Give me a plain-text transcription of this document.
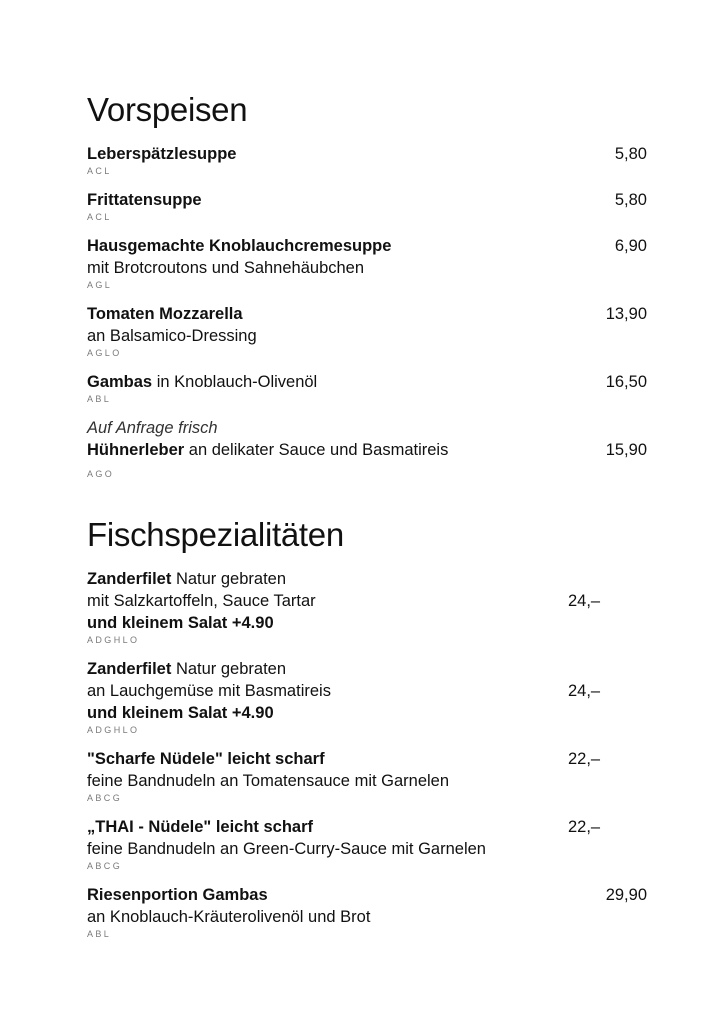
Vorspeisen
Leberspätzlesuppe
ACL
5,80
Frittatensuppe
ACL
5,80
Hausgemachte Knoblauchcremesuppe
mit Brotcroutons und Sahnehäubchen
AGL
6,90
Tomaten Mozzarella
an Balsamico-Dressing
AGLO
13,90
Gambas in Knoblauch-Olivenöl
ABL
16,50
Auf Anfrage frisch
Hühnerleber an delikater Sauce und Basmatireis
AGO
15,90
Fischspezialitäten
Zanderfilet Natur gebraten
mit Salzkartoffeln, Sauce Tartar
und kleinem Salat +4.90
ADGHLO
24,–
Zanderfilet Natur gebraten
an Lauchgemüse mit Basmatireis
und kleinem Salat +4.90
ADGHLO
24,–
"Scharfe Nüdele" leicht scharf
feine Bandnudeln an Tomatensauce mit Garnelen
ABCG
22,–
„THAI - Nüdele" leicht scharf
feine Bandnudeln an Green-Curry-Sauce mit Garnelen
ABCG
22,–
Riesenportion Gambas
an Knoblauch-Kräuterolivenöl und Brot
ABL
29,90
